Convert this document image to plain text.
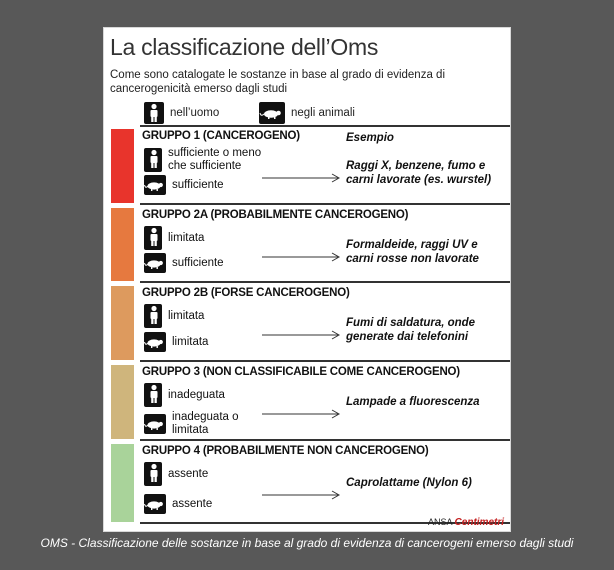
La classificazione dell’Oms
Come sono catalogate le sostanze in base al grado di evidenza di cancerogenicità emerso dagli studi
nell’uomo	negli animali
GRUPPO 1 (CANCEROGENO)	Esempio
sufficiente o meno che sufficiente
sufficiente
Raggi X, benzene, fumo e carni lavorate (es. wurstel)
GRUPPO 2A (PROBABILMENTE CANCEROGENO)
limitata
sufficiente
Formaldeide, raggi UV e carni rosse non lavorate
GRUPPO 2B (FORSE CANCEROGENO)
limitata
limitata
Fumi di saldatura, onde generate dai telefonini
GRUPPO 3 (NON CLASSIFICABILE COME CANCEROGENO)
inadeguata
inadeguata o limitata
Lampade a fluorescenza
GRUPPO 4 (PROBABILMENTE NON CANCEROGENO)
assente
assente
Caprolattame (Nylon 6)
ANSA Centimetri
OMS - Classificazione delle sostanze in base al grado di evidenza di cancerogeni emerso dagli studi
